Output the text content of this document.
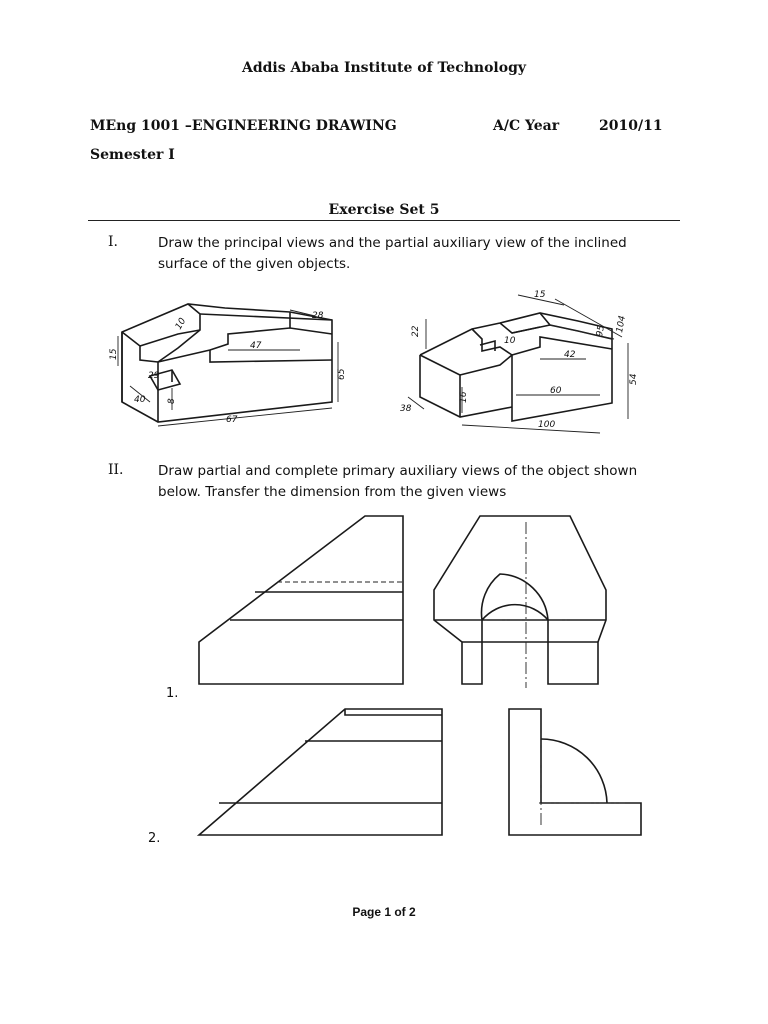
Addis Ababa Institute of Technology
MEng 1001 –ENGINEERING DRAWING	A/C Year	2010/11
Semester I
Exercise Set 5
I.	Draw the principal views and the partial auxiliary view of the inclined surface of the given objects.
10
47
15
29
8
40
65
67
28
15
22	95 104
42
60
54
16
38
100
10
II.	Draw partial and complete primary auxiliary views of the object shown below. Transfer the dimension from the given views
1.
2.
Page 1 of 2
